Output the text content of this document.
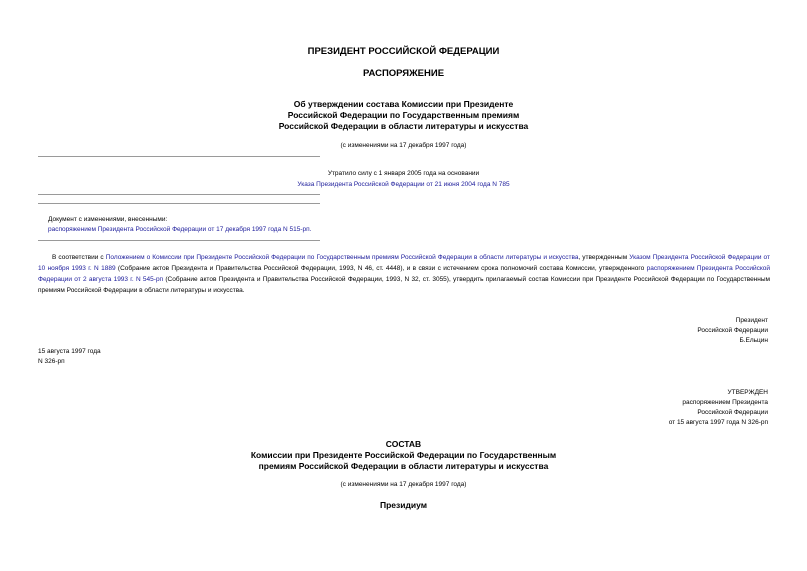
ПРЕЗИДЕНТ РОССИЙСКОЙ ФЕДЕРАЦИИ
РАСПОРЯЖЕНИЕ
Об утверждении состава Комиссии при Президенте
Российской Федерации по Государственным премиям
Российской Федерации в области литературы и искусства
(с изменениями на 17 декабря 1997 года)
Утратило силу с 1 января 2005 года на основании
Указа Президента Российской Федерации от 21 июня 2004 года N 785
Документ с изменениями, внесенными:
распоряжением Президента Российской Федерации от 17 декабря 1997 года N 515-рп.
В соответствии с Положением о Комиссии при Президенте Российской Федерации по Государственным премиям Российской Федерации в области литературы и искусства, утвержденным Указом Президента Российской Федерации от 10 ноября 1993 г. N 1889 (Собрание актов Президента и Правительства Российской Федерации, 1993, N 46, ст. 4448), и в связи с истечением срока полномочий состава Комиссии, утвержденного распоряжением Президента Российской Федерации от 2 августа 1993 г. N 545-рп (Собрание актов Президента и Правительства Российской Федерации, 1993, N 32, ст. 3055), утвердить прилагаемый состав Комиссии при Президенте Российской Федерации по Государственным премиям Российской Федерации в области литературы и искусства.
Президент
Российской Федерации
Б.Ельцин
15 августа 1997 года
N 326-рп
УТВЕРЖДЕН
распоряжением Президента
Российской Федерации
от 15 августа 1997 года N 326-рп
СОСТАВ
Комиссии при Президенте Российской Федерации по Государственным
премиям Российской Федерации в области литературы и искусства
(с изменениями на 17 декабря 1997 года)
Президиум
